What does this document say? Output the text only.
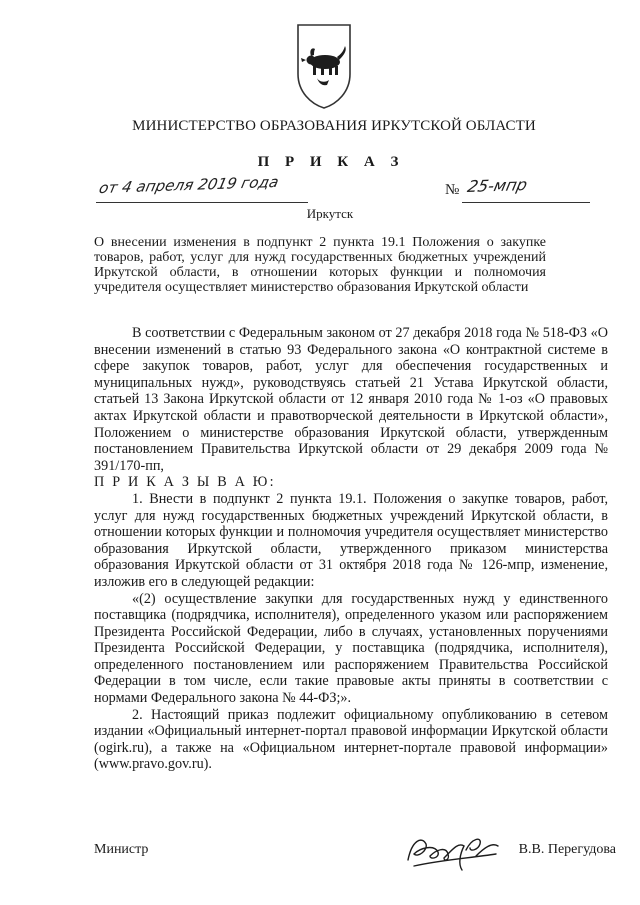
МИНИСТЕРСТВО ОБРАЗОВАНИЯ ИРКУТСКОЙ ОБЛАСТИ
П Р И К А З
от 4 апреля 2019 года	№ 25-мпр
Иркутск
О внесении изменения в подпункт 2 пункта 19.1 Положения о закупке товаров, работ, услуг для нужд государственных бюджетных учреждений Иркутской области, в отношении которых функции и полномочия учредителя осуществляет министерство образования Иркутской области

В соответствии с Федеральным законом от 27 декабря 2018 года № 518-ФЗ «О внесении изменений в статью 93 Федерального закона «О контрактной системе в сфере закупок товаров, работ, услуг для обеспечения государственных и муниципальных нужд», руководствуясь статьей 21 Устава Иркутской области, статьей 13 Закона Иркутской области от 12 января 2010 года № 1-оз «О правовых актах Иркутской области и правотворческой деятельности в Иркутской области», Положением о министерстве образования Иркутской области, утвержденным постановлением Правительства Иркутской области от 29 декабря 2009 года № 391/170-пп,

П Р И К А З Ы В А Ю:

1. Внести в подпункт 2 пункта 19.1. Положения о закупке товаров, работ, услуг для нужд государственных бюджетных учреждений Иркутской области, в отношении которых функции и полномочия учредителя осуществляет министерство образования Иркутской области, утвержденного приказом министерства образования Иркутской области от 31 октября 2018 года № 126-мпр, изменение, изложив его в следующей редакции:

«(2) осуществление закупки для государственных нужд у единственного поставщика (подрядчика, исполнителя), определенного указом или распоряжением Президента Российской Федерации, либо в случаях, установленных поручениями Президента Российской Федерации, у поставщика (подрядчика, исполнителя), определенного постановлением или распоряжением Правительства Российской Федерации в том числе, если такие правовые акты приняты в соответствии с нормами Федерального закона № 44-ФЗ;».

2. Настоящий приказ подлежит официальному опубликованию в сетевом издании «Официальный интернет-портал правовой информации Иркутской области (ogirk.ru), а также на «Официальном интернет-портале правовой информации» (www.pravo.gov.ru).

Министр	В.В. Перегудова
